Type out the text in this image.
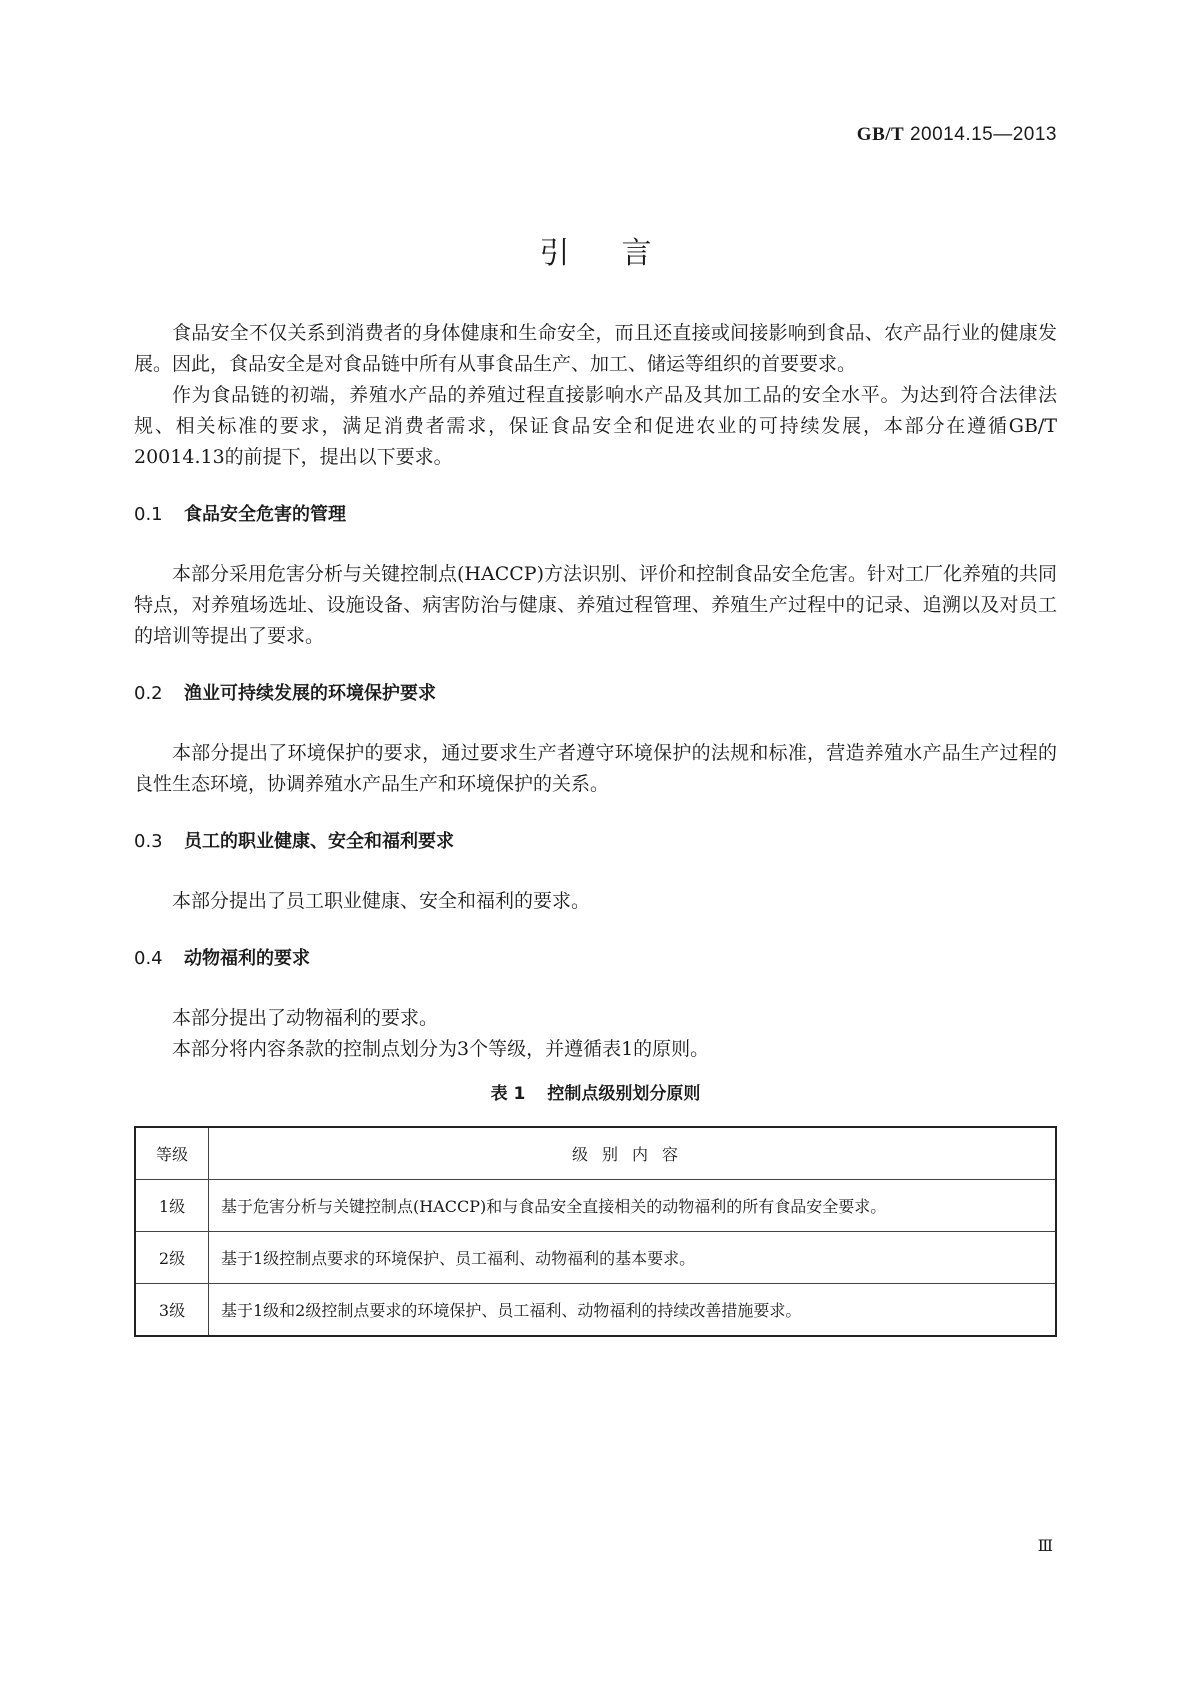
GB/T 20014.15—2013
引言

食品安全不仅关系到消费者的身体健康和生命安全，而且还直接或间接影响到食品、农产品行业的健康发展。因此，食品安全是对食品链中所有从事食品生产、加工、储运等组织的首要要求。

作为食品链的初端，养殖水产品的养殖过程直接影响水产品及其加工品的安全水平。为达到符合法律法规、相关标准的要求，满足消费者需求，保证食品安全和促进农业的可持续发展，本部分在遵循GB/T 20014.13的前提下，提出以下要求。

0.1 食品安全危害的管理

本部分采用危害分析与关键控制点(HACCP)方法识别、评价和控制食品安全危害。针对工厂化养殖的共同特点，对养殖场选址、设施设备、病害防治与健康、养殖过程管理、养殖生产过程中的记录、追溯以及对员工的培训等提出了要求。

0.2 渔业可持续发展的环境保护要求

本部分提出了环境保护的要求，通过要求生产者遵守环境保护的法规和标准，营造养殖水产品生产过程的良性生态环境，协调养殖水产品生产和环境保护的关系。

0.3 员工的职业健康、安全和福利要求

本部分提出了员工职业健康、安全和福利的要求。

0.4 动物福利的要求

本部分提出了动物福利的要求。

本部分将内容条款的控制点划分为3个等级，并遵循表1的原则。

表 1 控制点级别划分原则

等级	级别内容
1级	基于危害分析与关键控制点(HACCP)和与食品安全直接相关的动物福利的所有食品安全要求。
2级	基于1级控制点要求的环境保护、员工福利、动物福利的基本要求。
3级	基于1级和2级控制点要求的环境保护、员工福利、动物福利的持续改善措施要求。
Ⅲ
